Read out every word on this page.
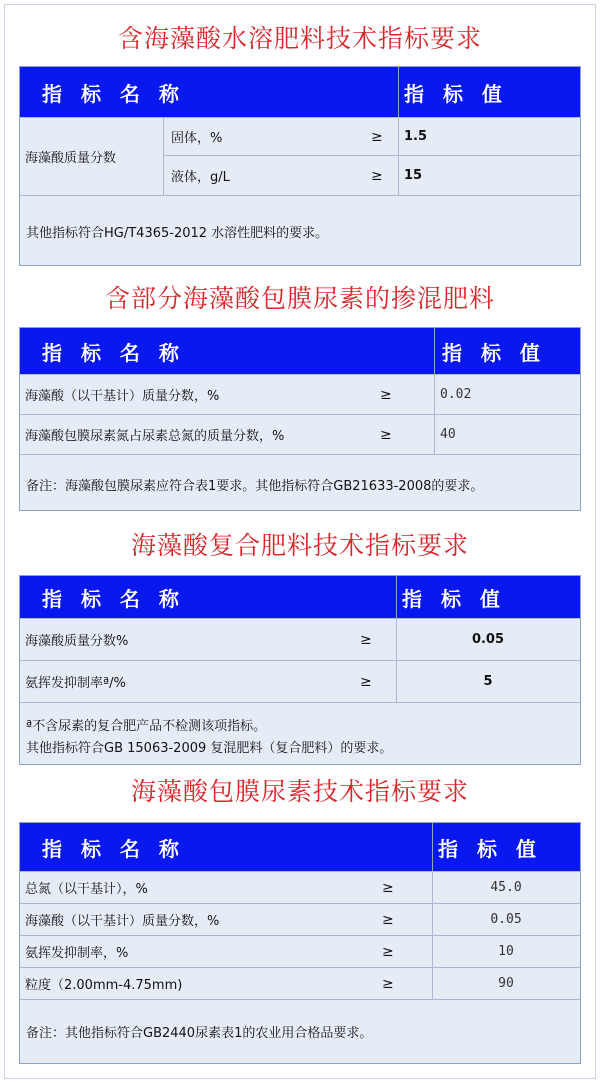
含海藻酸水溶肥料技术指标要求
指 标 名 称	指 标 值
海藻酸质量分数
固体，%	≥ 1.5
液体，g/L	≥ 15
其他指标符合HG/T4365-2012 水溶性肥料的要求。
含部分海藻酸包膜尿素的掺混肥料
指 标 名 称	指 标 值
海藻酸（以干基计）质量分数，%	≥	0.02
海藻酸包膜尿素氮占尿素总氮的质量分数，%	≥	40
备注：海藻酸包膜尿素应符合表1要求。其他指标符合GB21633-2008的要求。
海藻酸复合肥料技术指标要求
指 标 名 称	指 标 值
海藻酸质量分数%	≥	0.05
氨挥发抑制率ª/%	≥	5
ª不含尿素的复合肥产品不检测该项指标。
其他指标符合GB 15063-2009 复混肥料（复合肥料）的要求。
海藻酸包膜尿素技术指标要求
指 标 名 称	指 标 值
总氮（以干基计），%	≥	45.0
海藻酸（以干基计）质量分数，%	≥	0.05
氨挥发抑制率，%	≥	10
粒度（2.00mm-4.75mm)	≥	90
备注：其他指标符合GB2440尿素表1的农业用合格品要求。
